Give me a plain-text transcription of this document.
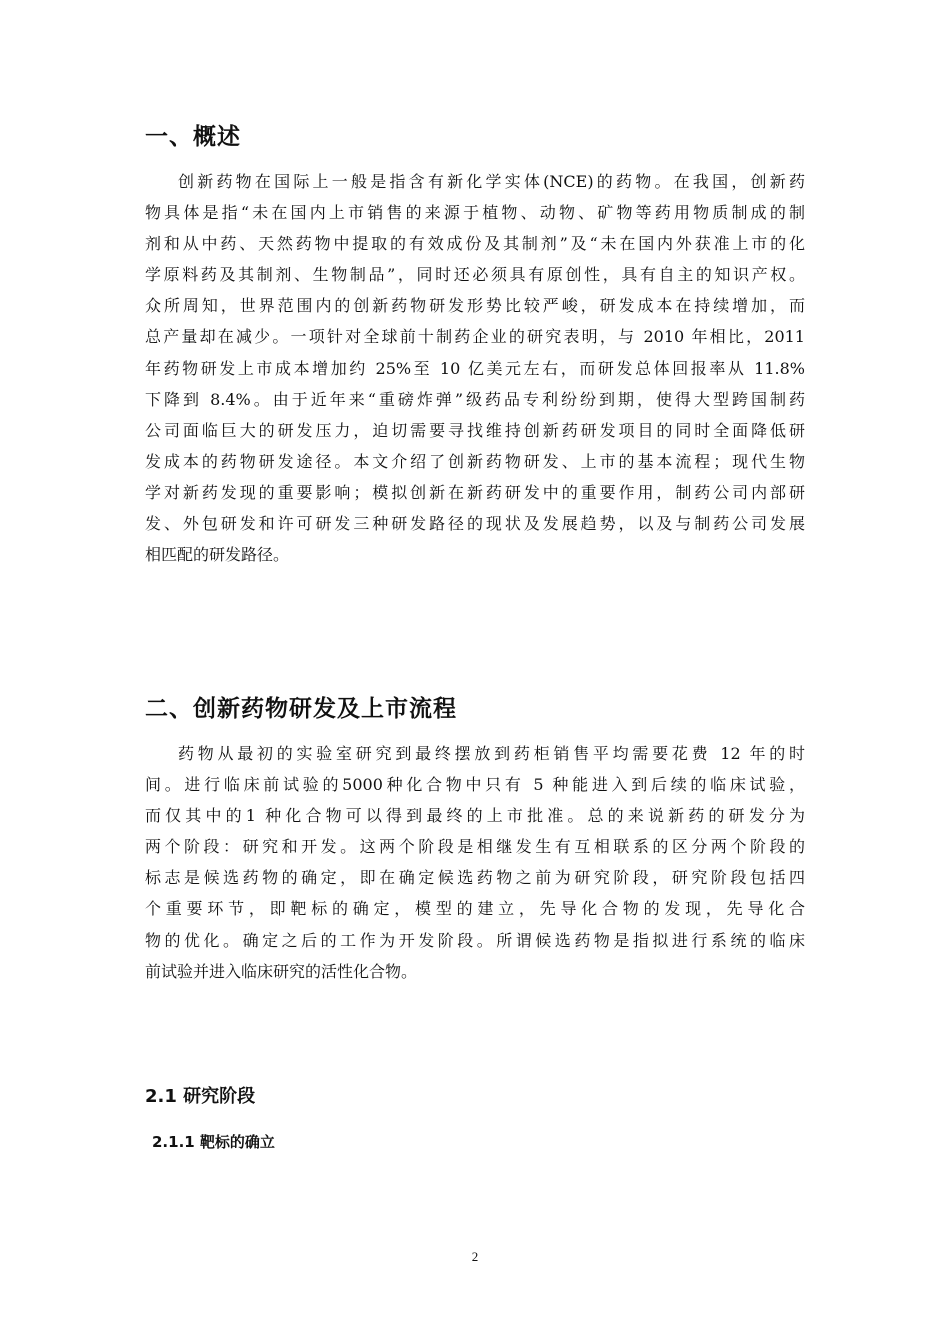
一、概述
创新药物在国际上一般是指含有新化学实体(NCE)的药物。在我国，创新药
物具体是指“未在国内上市销售的来源于植物、动物、矿物等药用物质制成的制
剂和从中药、天然药物中提取的有效成份及其制剂”及“未在国内外获准上市的化
学原料药及其制剂、生物制品”，同时还必须具有原创性，具有自主的知识产权。
众所周知，世界范围内的创新药物研发形势比较严峻，研发成本在持续增加，而
总产量却在减少。一项针对全球前十制药企业的研究表明，与 2010 年相比，2011
年药物研发上市成本增加约 25%至 10 亿美元左右，而研发总体回报率从 11.8%
下降到 8.4%。由于近年来“重磅炸弹”级药品专利纷纷到期，使得大型跨国制药
公司面临巨大的研发压力，迫切需要寻找维持创新药研发项目的同时全面降低研
发成本的药物研发途径。本文介绍了创新药物研发、上市的基本流程；现代生物
学对新药发现的重要影响；模拟创新在新药研发中的重要作用，制药公司内部研
发、外包研发和许可研发三种研发路径的现状及发展趋势，以及与制药公司发展
相匹配的研发路径。
二、创新药物研发及上市流程
药物从最初的实验室研究到最终摆放到药柜销售平均需要花费 12 年的时
间。进行临床前试验的5000种化合物中只有 5 种能进入到后续的临床试验，
而仅其中的1 种化合物可以得到最终的上市批准。总的来说新药的研发分为
两个阶段：研究和开发。这两个阶段是相继发生有互相联系的区分两个阶段的
标志是候选药物的确定，即在确定候选药物之前为研究阶段，研究阶段包括四
个重要环节，即靶标的确定，模型的建立，先导化合物的发现，先导化合
物的优化。确定之后的工作为开发阶段。所谓候选药物是指拟进行系统的临床
前试验并进入临床研究的活性化合物。
2.1 研究阶段
2.1.1 靶标的确立
2
